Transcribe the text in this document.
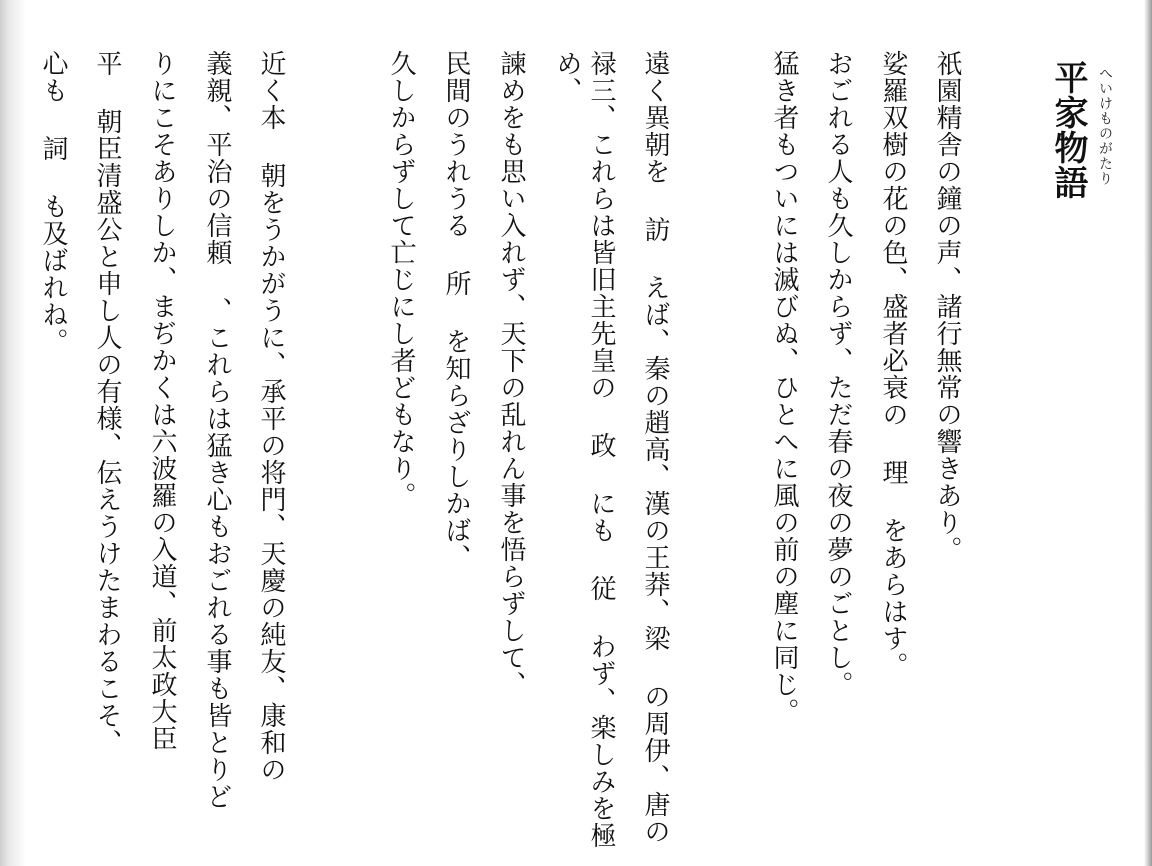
へいけものがたり
平家物語
祇園精舎の鐘の声、諸行無常の響きあり。
娑羅双樹の花の色、盛者必衰の 理 をあらはす。
おごれる人も久しからず、ただ春の夜の夢のごとし。
猛き者もついには滅びぬ、ひとへに風の前の塵に同じ。
遠く異朝を 訪 えば、秦の趙高、漢の王莽、梁 の周伊、唐の
禄三、これらは皆旧主先皇の 政 にも 従 わず、楽しみを極
め、
諫めをも思い入れず、天下の乱れん事を悟らずして、
民間のうれうる 所 を知らざりしかば、
久しからずして亡じにし者どもなり。
近く本 朝をうかがうに、承平の将門、天慶の純友、康和の
義親、平治の信頼 、これらは猛き心もおごれる事も皆とりど
りにこそありしか、まぢかくは六波羅の入道、前太政大臣
平 朝臣清盛公と申し人の有様、伝えうけたまわるこそ、
心も 詞 も及ばれね。
